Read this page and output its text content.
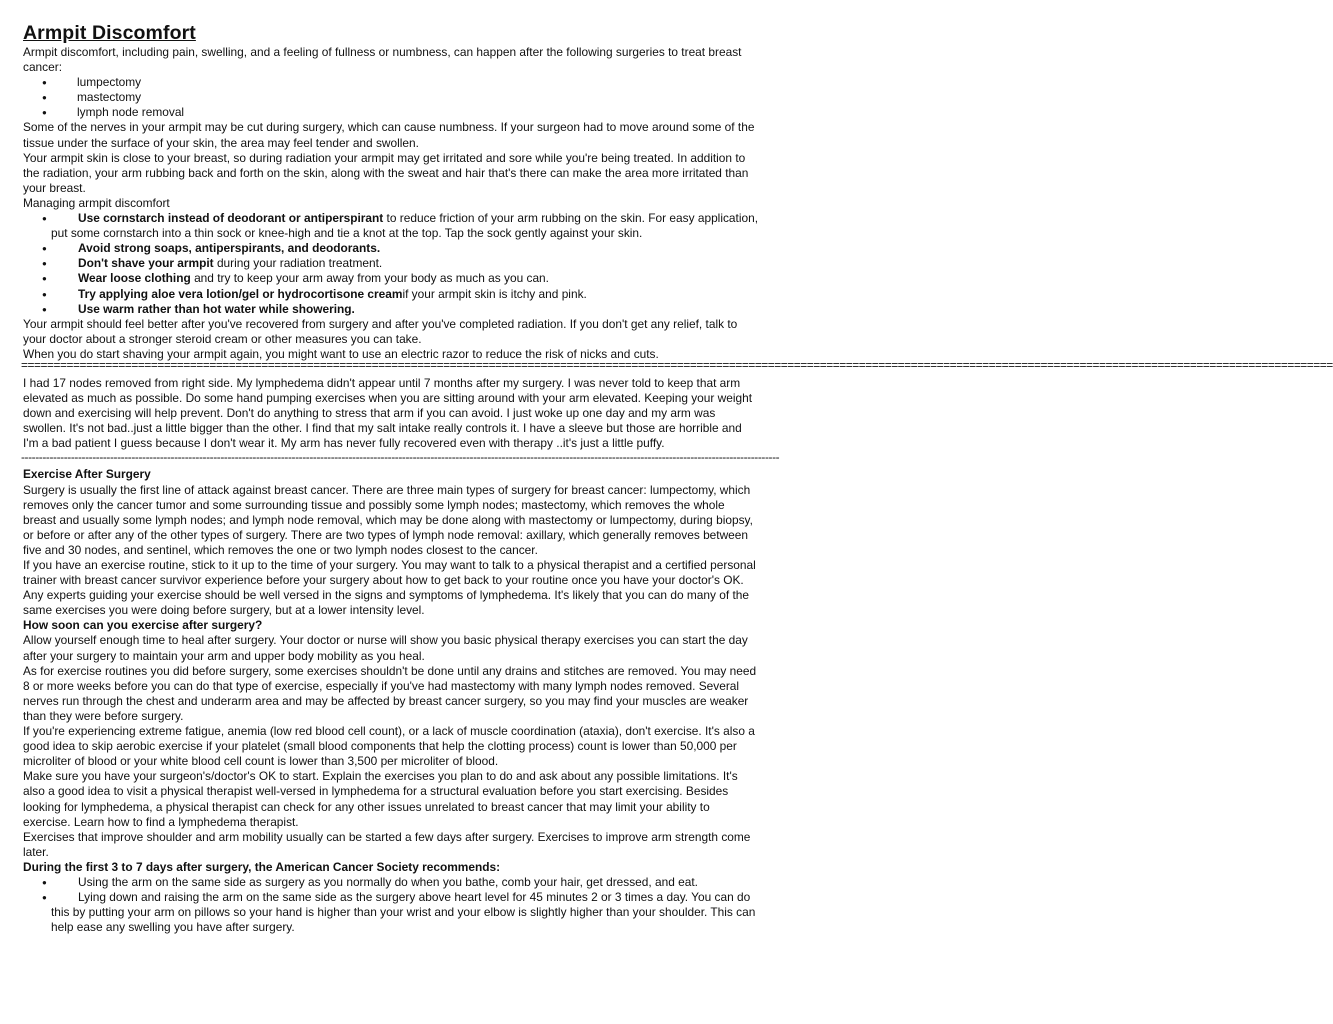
Armpit Discomfort

Armpit discomfort, including pain, swelling, and a feeling of fullness or numbness, can happen after the following surgeries to treat breast cancer:

●	lumpectomy
●	mastectomy
●	lymph node removal

Some of the nerves in your armpit may be cut during surgery, which can cause numbness. If your surgeon had to move around some of the tissue under the surface of your skin, the area may feel tender and swollen.

Your armpit skin is close to your breast, so during radiation your armpit may get irritated and sore while you're being treated. In addition to the radiation, your arm rubbing back and forth on the skin, along with the sweat and hair that's there can make the area more irritated than your breast.

Managing armpit discomfort

●	Use cornstarch instead of deodorant or antiperspirant to reduce friction of your arm rubbing on the skin. For easy application, put some cornstarch into a thin sock or knee-high and tie a knot at the top. Tap the sock gently against your skin.
●	Avoid strong soaps, antiperspirants, and deodorants.
●	Don't shave your armpit during your radiation treatment.
●	Wear loose clothing and try to keep your arm away from your body as much as you can.
●	Try applying aloe vera lotion/gel or hydrocortisone creamif your armpit skin is itchy and pink.
●	Use warm rather than hot water while showering.

Your armpit should feel better after you've recovered from surgery and after you've completed radiation. If you don't get any relief, talk to your doctor about a stronger steroid cream or other measures you can take.

When you do start shaving your armpit again, you might want to use an electric razor to reduce the risk of nicks and cuts.

==========================================================================================================================================================================================================

I had 17 nodes removed from right side. My lymphedema didn't appear until 7 months after my surgery. I was never told to keep that arm elevated as much as possible. Do some hand pumping exercises when you are sitting around with your arm elevated. Keeping your weight down and exercising will help prevent. Don't do anything to stress that arm if you can avoid. I just woke up one day and my arm was swollen. It's not bad..just a little bigger than the other. I find that my salt intake really controls it. I have a sleeve but those are horrible and I'm a bad patient I guess because I don't wear it. My arm has never fully recovered even with therapy ..it's just a little puffy.

---------------------------------------------------------------------------------------------------------------------------------------------------------------------------------------------------------------------

Exercise After Surgery

Surgery is usually the first line of attack against breast cancer. There are three main types of surgery for breast cancer: lumpectomy, which removes only the cancer tumor and some surrounding tissue and possibly some lymph nodes; mastectomy, which removes the whole breast and usually some lymph nodes; and lymph node removal, which may be done along with mastectomy or lumpectomy, during biopsy, or before or after any of the other types of surgery. There are two types of lymph node removal: axillary, which generally removes between five and 30 nodes, and sentinel, which removes the one or two lymph nodes closest to the cancer.

If you have an exercise routine, stick to it up to the time of your surgery. You may want to talk to a physical therapist and a certified personal trainer with breast cancer survivor experience before your surgery about how to get back to your routine once you have your doctor's OK. Any experts guiding your exercise should be well versed in the signs and symptoms of lymphedema. It's likely that you can do many of the same exercises you were doing before surgery, but at a lower intensity level.

How soon can you exercise after surgery?

Allow yourself enough time to heal after surgery. Your doctor or nurse will show you basic physical therapy exercises you can start the day after your surgery to maintain your arm and upper body mobility as you heal.

As for exercise routines you did before surgery, some exercises shouldn't be done until any drains and stitches are removed. You may need 8 or more weeks before you can do that type of exercise, especially if you've had mastectomy with many lymph nodes removed. Several nerves run through the chest and underarm area and may be affected by breast cancer surgery, so you may find your muscles are weaker than they were before surgery.

If you're experiencing extreme fatigue, anemia (low red blood cell count), or a lack of muscle coordination (ataxia), don't exercise. It's also a good idea to skip aerobic exercise if your platelet (small blood components that help the clotting process) count is lower than 50,000 per microliter of blood or your white blood cell count is lower than 3,500 per microliter of blood.

Make sure you have your surgeon's/doctor's OK to start. Explain the exercises you plan to do and ask about any possible limitations. It's also a good idea to visit a physical therapist well-versed in lymphedema for a structural evaluation before you start exercising. Besides looking for lymphedema, a physical therapist can check for any other issues unrelated to breast cancer that may limit your ability to exercise. Learn how to find a lymphedema therapist.

Exercises that improve shoulder and arm mobility usually can be started a few days after surgery. Exercises to improve arm strength come later.

During the first 3 to 7 days after surgery, the American Cancer Society recommends:

●	Using the arm on the same side as surgery as you normally do when you bathe, comb your hair, get dressed, and eat.
●	Lying down and raising the arm on the same side as the surgery above heart level for 45 minutes 2 or 3 times a day. You can do this by putting your arm on pillows so your hand is higher than your wrist and your elbow is slightly higher than your shoulder. This can help ease any swelling you have after surgery.
